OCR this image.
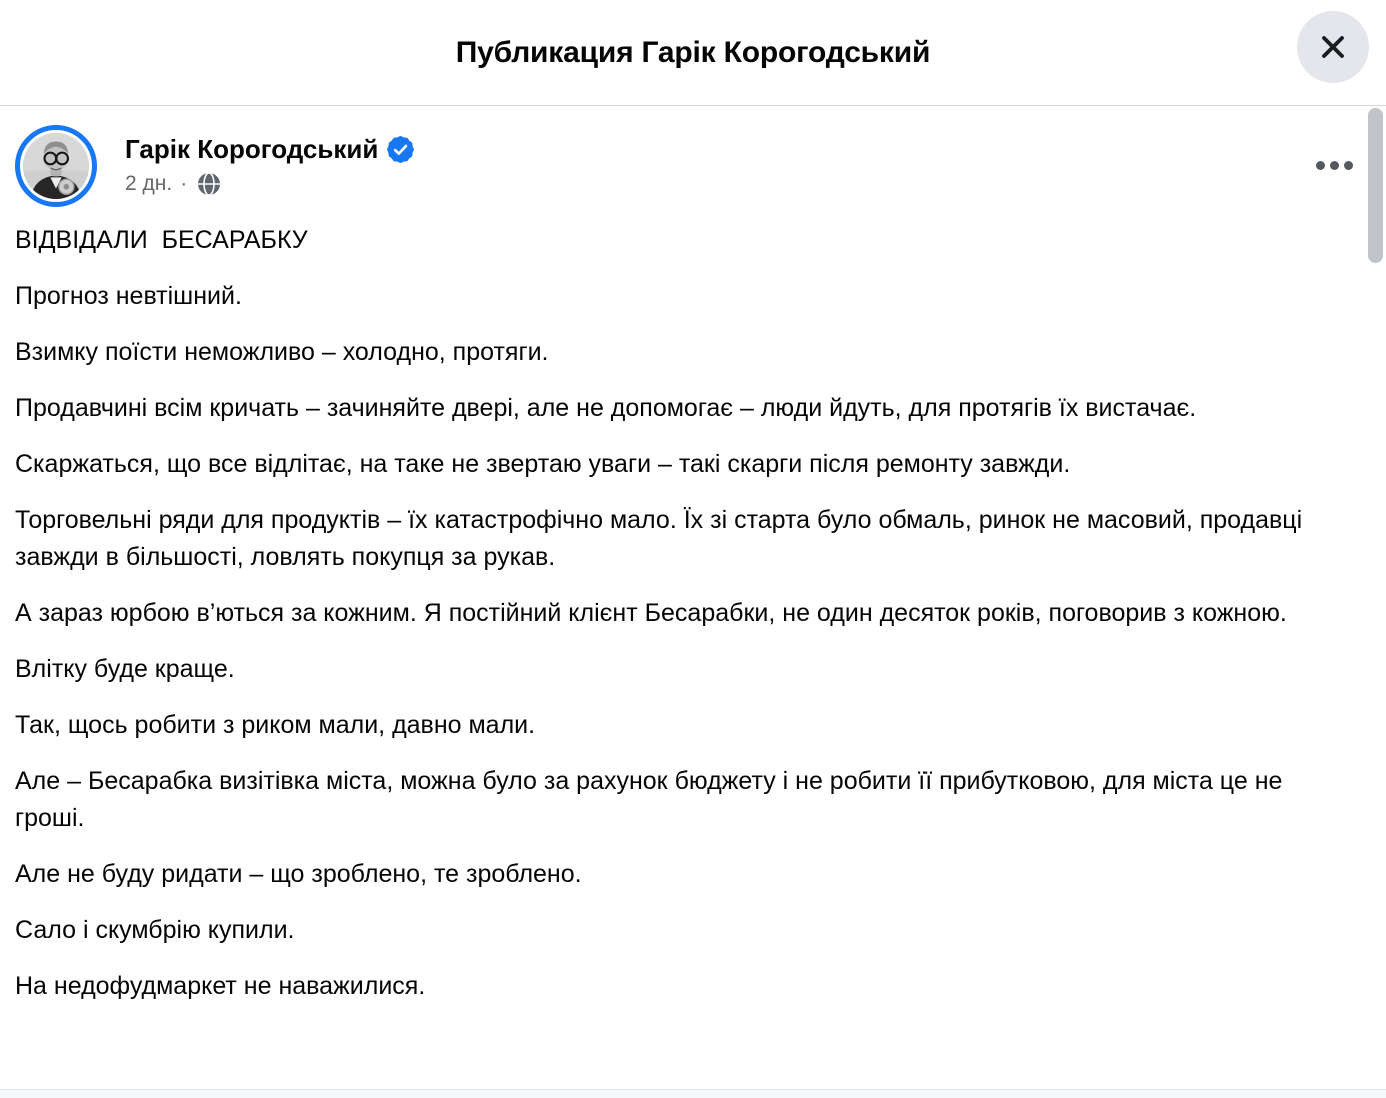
Публикация Гарік Корогодський
Гарік Корогодський
2 дн. ·

ВІДВІДАЛИ  БЕСАРАБКУ

Прогноз невтішний.

Взимку поїсти неможливо – холодно, протяги.

Продавчині всім кричать – зачиняйте двері, але не допомогає – люди йдуть, для протягів їх вистачає.

Скаржаться, що все відлітає, на таке не звертаю уваги – такі скарги після ремонту завжди.

Торговельні ряди для продуктів – їх катастрофічно мало. Їх зі старта було обмаль, ринок не масовий, продавці завжди в більшості, ловлять покупця за рукав.

А зараз юрбою в’ються за кожним. Я постійний клієнт Бесарабки, не один десяток років, поговорив з кожною.

Влітку буде краще.

Так, щось робити з риком мали, давно мали.

Але – Бесарабка визітівка міста, можна було за рахунок бюджету і не робити її прибутковою, для міста це не гроші.

Але не буду ридати – що зроблено, те зроблено.

Сало і скумбрію купили.

На недофудмаркет не наважилися.
